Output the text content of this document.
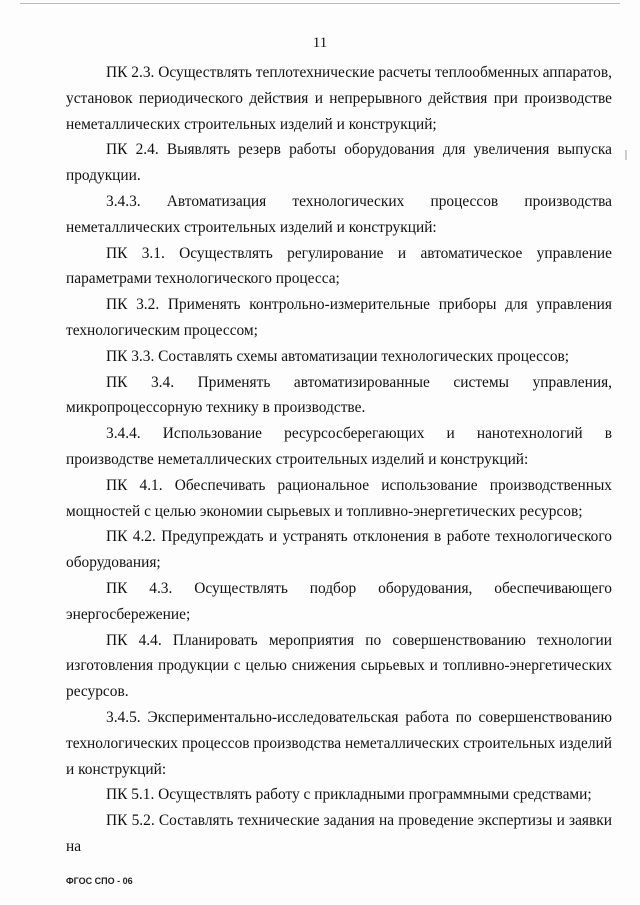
11

ПК 2.3. Осуществлять теплотехнические расчеты теплообменных аппаратов, установок периодического действия и непрерывного действия при производстве неметаллических строительных изделий и конструкций;

ПК 2.4. Выявлять резерв работы оборудования для увеличения выпуска продукции.

3.4.3. Автоматизация технологических процессов производства неметаллических строительных изделий и конструкций:

ПК 3.1. Осуществлять регулирование и автоматическое управление параметрами технологического процесса;

ПК 3.2. Применять контрольно-измерительные приборы для управления технологическим процессом;

ПК 3.3. Составлять схемы автоматизации технологических процессов;

ПК 3.4. Применять автоматизированные системы управления, микропроцессорную технику в производстве.

3.4.4. Использование ресурсосберегающих и нанотехнологий в производстве неметаллических строительных изделий и конструкций:

ПК 4.1. Обеспечивать рациональное использование производственных мощностей с целью экономии сырьевых и топливно-энергетических ресурсов;

ПК 4.2. Предупреждать и устранять отклонения в работе технологического оборудования;

ПК 4.3. Осуществлять подбор оборудования, обеспечивающего энергосбережение;

ПК 4.4. Планировать мероприятия по совершенствованию технологии изготовления продукции с целью снижения сырьевых и топливно-энергетических ресурсов.

3.4.5. Экспериментально-исследовательская работа по совершенствованию технологических процессов производства неметаллических строительных изделий и конструкций:

ПК 5.1. Осуществлять работу с прикладными программными средствами;

ПК 5.2. Составлять технические задания на проведение экспертизы и заявки на

ФГОС СПО - 06
